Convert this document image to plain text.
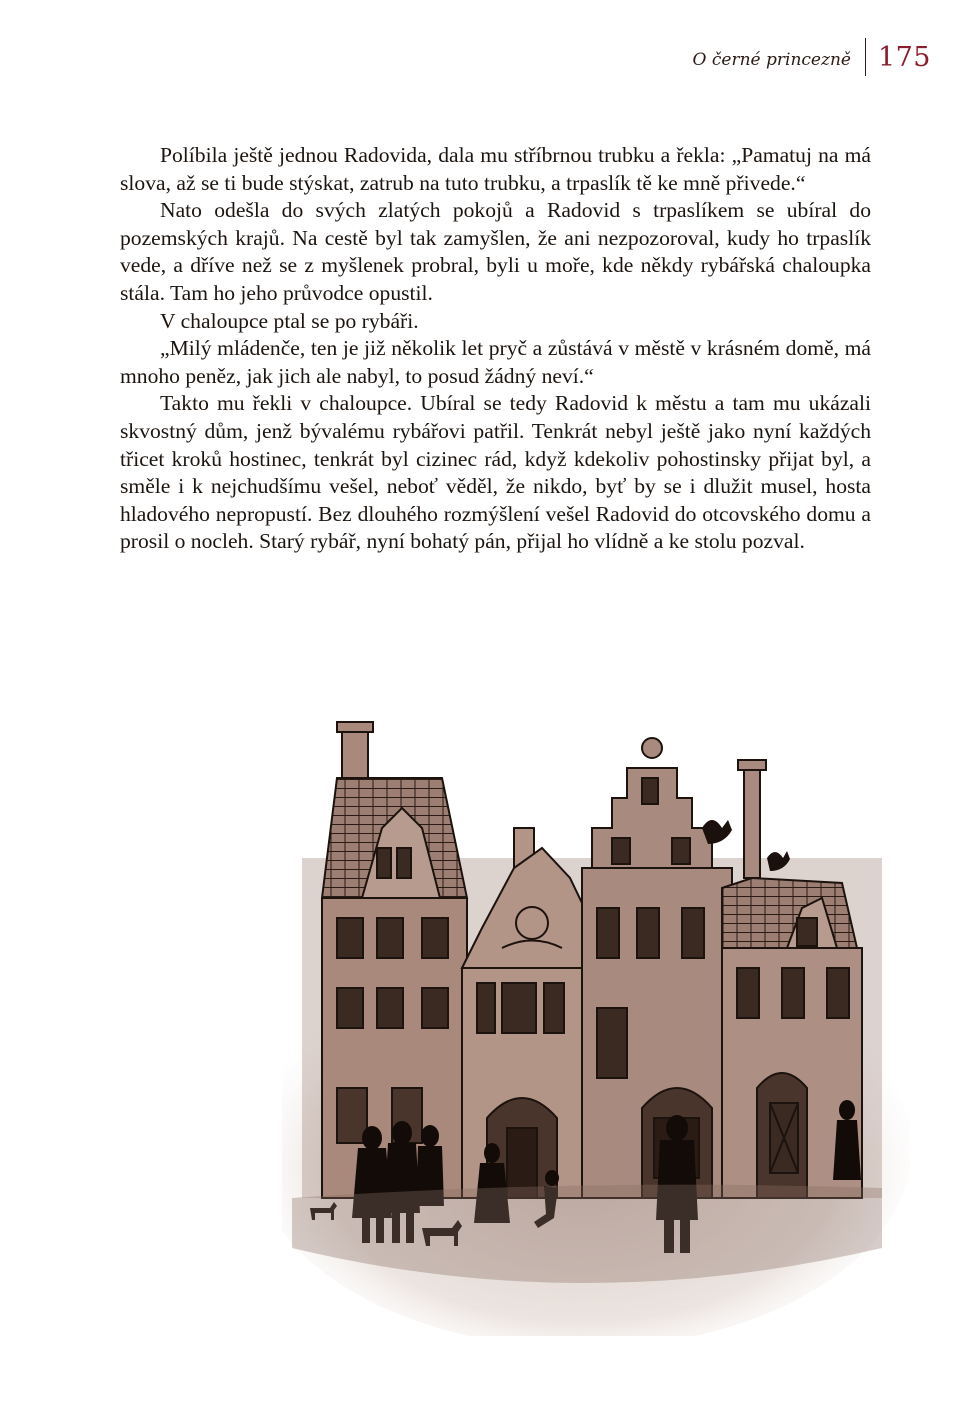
O černé princezně 175

Políbila ještě jednou Radovida, dala mu stříbrnou trubku a řekla: „Pamatuj na má slova, až se ti bude stýskat, zatrub na tuto trubku, a trpaslík tě ke mně přivede.“

Nato odešla do svých zlatých pokojů a Radovid s trpaslíkem se ubíral do pozemských krajů. Na cestě byl tak zamyšlen, že ani nezpozoroval, kudy ho trpaslík vede, a dříve než se z myšlenek probral, byli u moře, kde někdy rybářská chaloupka stála. Tam ho jeho průvodce opustil.

V chaloupce ptal se po rybáři.

„Milý mládenče, ten je již několik let pryč a zůstává v městě v krásném domě, má mnoho peněz, jak jich ale nabyl, to posud žádný neví.“

Takto mu řekli v chaloupce. Ubíral se tedy Radovid k městu a tam mu ukázali skvostný dům, jenž bývalému rybářovi patřil. Tenkrát nebyl ještě jako nyní každých třicet kroků hostinec, tenkrát byl cizinec rád, když kdekoliv pohostinsky přijat byl, a směle i k nejchudšímu vešel, neboť věděl, že nikdo, byť by se i dlužit musel, hosta hladového nepropustí. Bez dlouhého rozmýšlení vešel Radovid do otcovského domu a prosil o nocleh. Starý rybář, nyní bohatý pán, přijal ho vlídně a ke stolu pozval.
